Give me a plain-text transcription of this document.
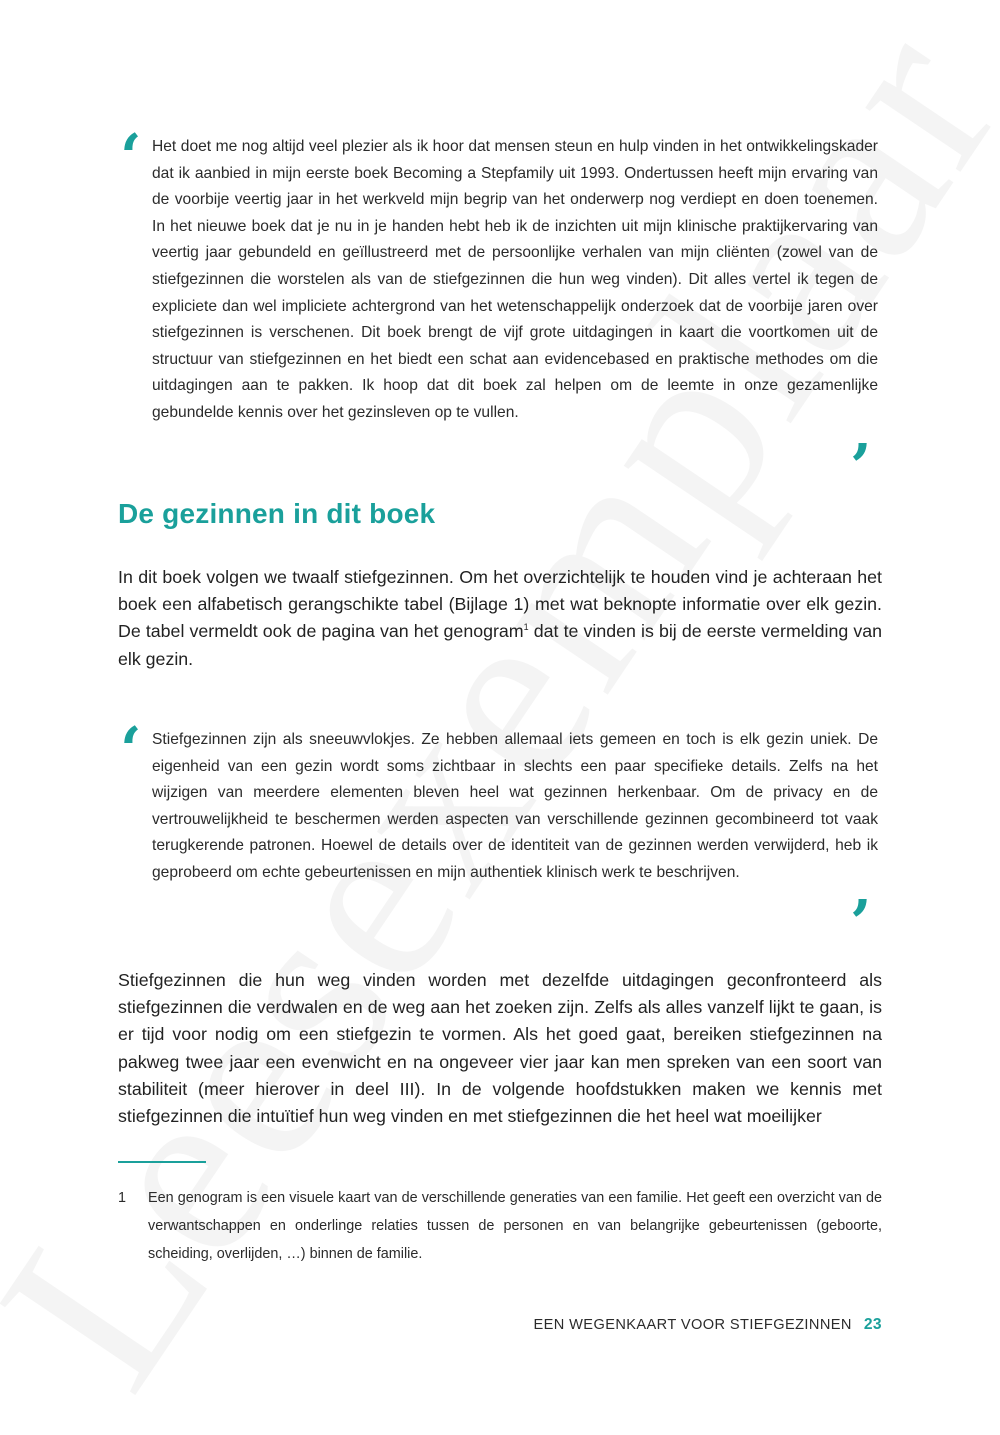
‘ Het doet me nog altijd veel plezier als ik hoor dat mensen steun en hulp vinden in het ontwikkelingskader dat ik aanbied in mijn eerste boek Becoming a Stepfamily uit 1993. Ondertussen heeft mijn ervaring van de voorbije veertig jaar in het werkveld mijn begrip van het onderwerp nog verdiept en doen toenemen. In het nieuwe boek dat je nu in je handen hebt heb ik de inzichten uit mijn klinische praktijkervaring van veertig jaar gebundeld en geïllustreerd met de persoonlijke verhalen van mijn cliënten (zowel van de stiefgezinnen die worstelen als van de stiefgezinnen die hun weg vinden). Dit alles vertel ik tegen de expliciete dan wel impliciete achtergrond van het wetenschappelijk onderzoek dat de voorbije jaren over stiefgezinnen is verschenen. Dit boek brengt de vijf grote uitdagingen in kaart die voortkomen uit de structuur van stiefgezinnen en het biedt een schat aan evidencebased en praktische methodes om die uitdagingen aan te pakken. Ik hoop dat dit boek zal helpen om de leemte in onze gezamenlijke gebundelde kennis over het gezinsleven op te vullen.

’
De gezinnen in dit boek

In dit boek volgen we twaalf stiefgezinnen. Om het overzichtelijk te houden vind je achteraan het boek een alfabetisch gerangschikte tabel (Bijlage 1) met wat beknopte informatie over elk gezin. De tabel vermeldt ook de pagina van het genogram$^1$ dat te vinden is bij de eerste vermelding van elk gezin.

‘ Stiefgezinnen zijn als sneeuwvlokjes. Ze hebben allemaal iets gemeen en toch is elk gezin uniek. De eigenheid van een gezin wordt soms zichtbaar in slechts een paar specifieke details. Zelfs na het wijzigen van meerdere elementen bleven heel wat gezinnen herkenbaar. Om de privacy en de vertrouwelijkheid te beschermen werden aspecten van verschillende gezinnen gecombineerd tot vaak terugkerende patronen. Hoewel de details over de identiteit van de gezinnen werden verwijderd, heb ik geprobeerd om echte gebeurtenissen en mijn authentiek klinisch werk te beschrijven.

’

Stiefgezinnen die hun weg vinden worden met dezelfde uitdagingen geconfronteerd als stiefgezinnen die verdwalen en de weg aan het zoeken zijn. Zelfs als alles vanzelf lijkt te gaan, is er tijd voor nodig om een stiefgezin te vormen. Als het goed gaat, bereiken stiefgezinnen na pakweg twee jaar een evenwicht en na ongeveer vier jaar kan men spreken van een soort van stabiliteit (meer hierover in deel III). In de volgende hoofdstukken maken we kennis met stiefgezinnen die intuïtief hun weg vinden en met stiefgezinnen die het heel wat moeilijker

1 Een genogram is een visuele kaart van de verschillende generaties van een familie. Het geeft een overzicht van de verwantschappen en onderlinge relaties tussen de personen en van belangrijke gebeurtenissen (geboorte, scheiding, overlijden, …) binnen de familie.

EEN WEGENKAART VOOR STIEFGEZINNEN 23
